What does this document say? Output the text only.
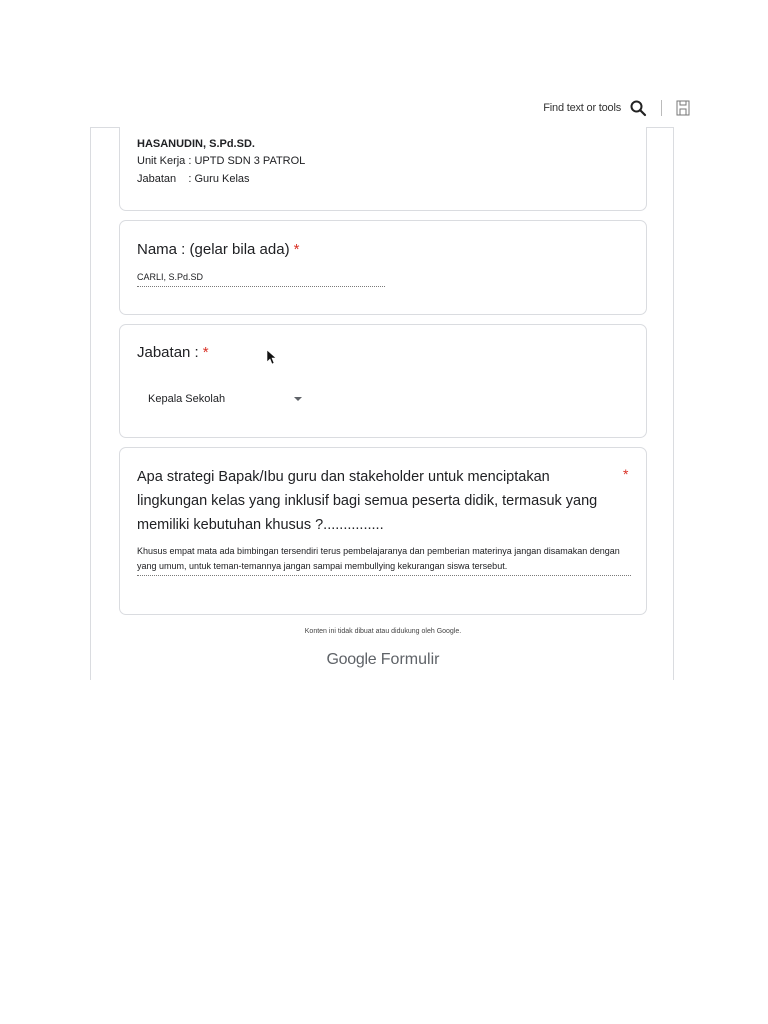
Find text or tools
HASANUDIN, S.Pd.SD.
Unit Kerja : UPTD SDN 3 PATROL
Jabatan    : Guru Kelas
Nama : (gelar bila ada) *
CARLI, S.Pd.SD
Jabatan : *
Kepala Sekolah
Apa strategi Bapak/Ibu guru dan stakeholder untuk menciptakan lingkungan kelas yang inklusif bagi semua peserta didik, termasuk yang memiliki kebutuhan khusus ?...............
*
Khusus empat mata ada bimbingan tersendiri terus pembelajaranya dan pemberian materinya jangan disamakan dengan yang umum, untuk teman-temannya jangan sampai membullying kekurangan siswa tersebut.
Konten ini tidak dibuat atau didukung oleh Google.
Google Formulir
